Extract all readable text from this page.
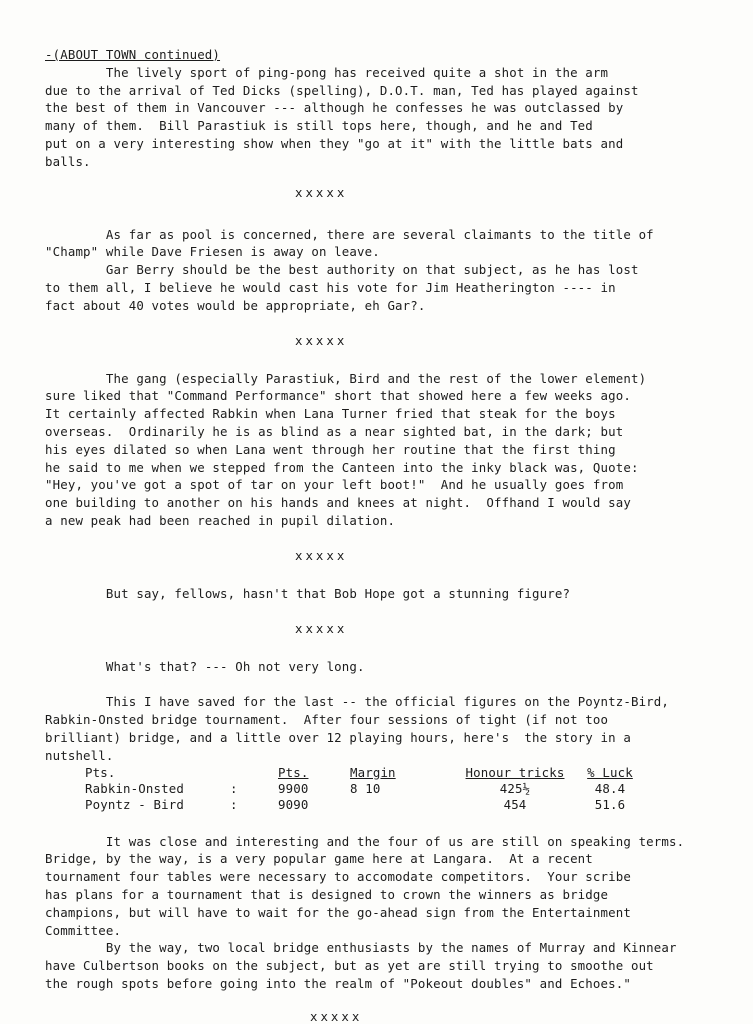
-(ABOUT TOWN continued)

The lively sport of ping-pong has received quite a shot in the arm
due to the arrival of Ted Dicks (spelling), D.O.T. man, Ted has played against
the best of them in Vancouver --- although he confesses he was outclassed by
many of them.  Bill Parastiuk is still tops here, though, and he and Ted
put on a very interesting show when they "go at it" with the little bats and
balls.

xxxxx

As far as pool is concerned, there are several claimants to the title of
"Champ" while Dave Friesen is away on leave.
Gar Berry should be the best authority on that subject, as he has lost
to them all, I believe he would cast his vote for Jim Heatherington ---- in
fact about 40 votes would be appropriate, eh Gar?.

xxxxx

The gang (especially Parastiuk, Bird and the rest of the lower element)
sure liked that "Command Performance" short that showed here a few weeks ago.
It certainly affected Rabkin when Lana Turner fried that steak for the boys
overseas.  Ordinarily he is as blind as a near sighted bat, in the dark; but
his eyes dilated so when Lana went through her routine that the first thing
he said to me when we stepped from the Canteen into the inky black was, Quote:
"Hey, you've got a spot of tar on your left boot!"  And he usually goes from
one building to another on his hands and knees at night.  Offhand I would say
a new peak had been reached in pupil dilation.

xxxxx

But say, fellows, hasn't that Bob Hope got a stunning figure?

xxxxx

What's that? --- Oh not very long.

This I have saved for the last -- the official figures on the Poyntz-Bird,
Rabkin-Onsted bridge tournament.  After four sessions of tight (if not too
brilliant) bridge, and a little over 12 playing hours, here's  the story in a
nutshell.

Pts.		Pts.	Margin	Honour tricks	% Luck
Rabkin-Onsted	:	9900	8 10	425½	48.4
Poyntz - Bird	:	9090		454	51.6

It was close and interesting and the four of us are still on speaking terms.
Bridge, by the way, is a very popular game here at Langara.  At a recent
tournament four tables were necessary to accomodate competitors.  Your scribe
has plans for a tournament that is designed to crown the winners as bridge
champions, but will have to wait for the go-ahead sign from the Entertainment
Committee.
By the way, two local bridge enthusiasts by the names of Murray and Kinnear
have Culbertson books on the subject, but as yet are still trying to smoothe out
the rough spots before going into the realm of "Pokeout doubles" and Echoes."

xxxxx
